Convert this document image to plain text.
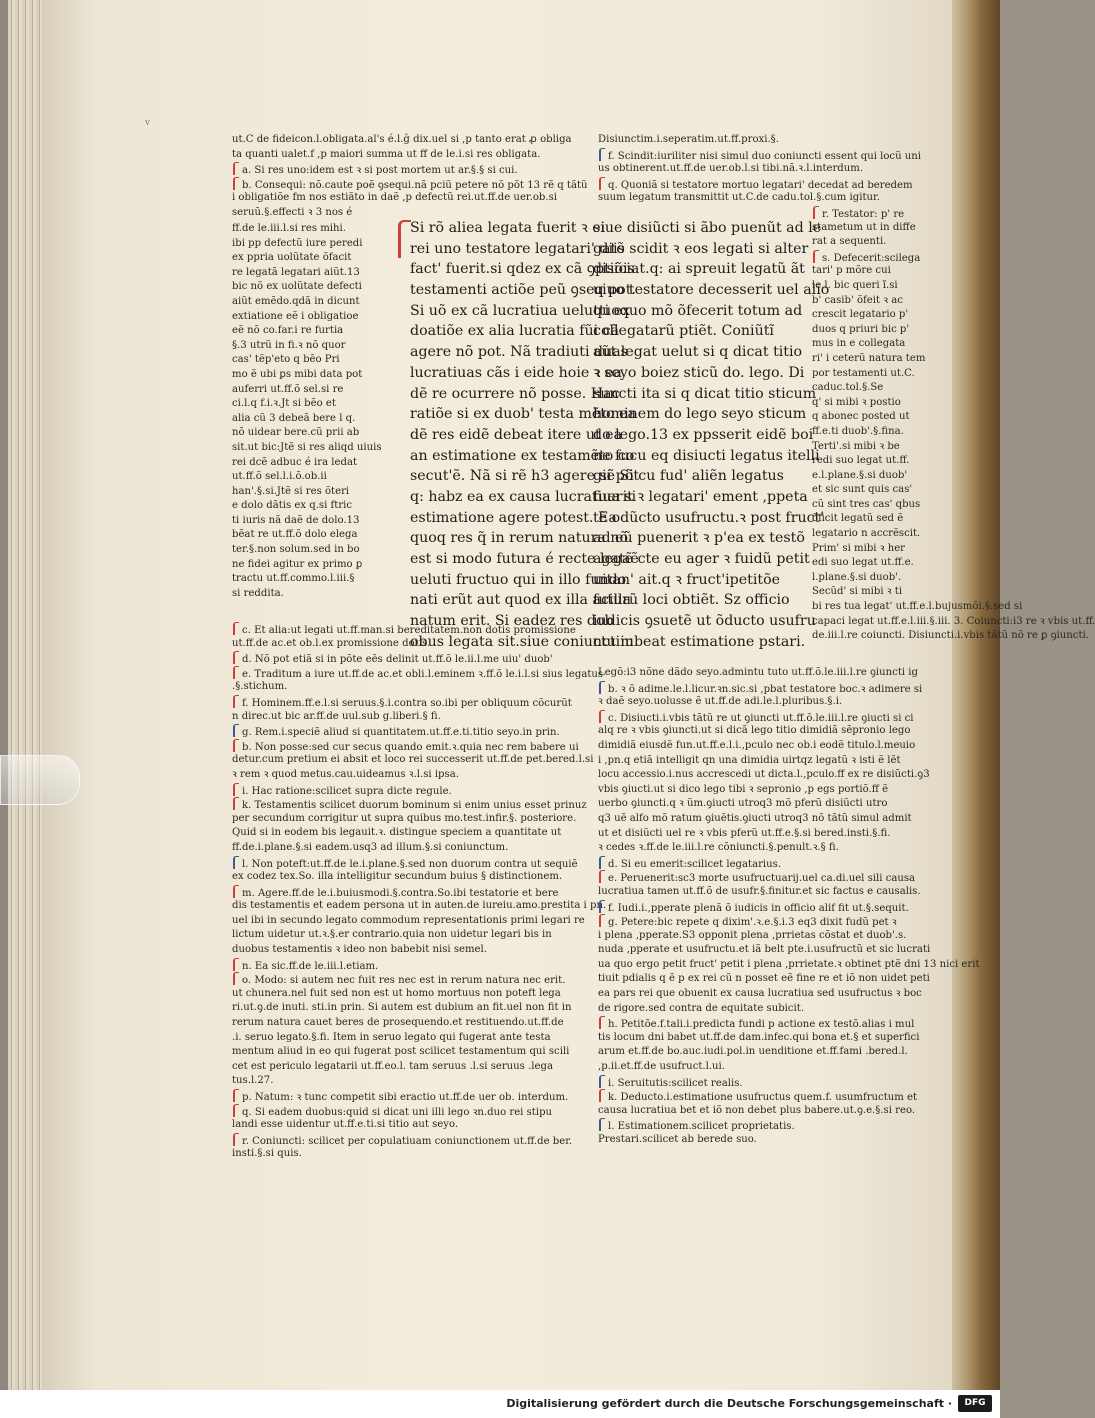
v
ut.C de fideicon.l.obligata.al's é.l.ĝ dix.uel si ,p tanto erat ꝓ obliga
ta quanti ualet.f ,p maiori summa ut ff de le.i.si res obligata.
a. Si res uno:idem est ꝛ si post mortem ut ar.§.§ si cui.
b. Consequi: nõ.caute poẽ ꝯsequi.nã pciũ petere nõ põt 13 rẽ q tãtũ
i obligatiõe fm nos estiãto in daẽ ,p defectũ rei.ut.ff.de uer.ob.si
seruũ.§.effecti ꝛ 3 nos é
ff.de le.iii.l.si res mihi.
ibi pp defectũ iure peredi
ex ppria uolũtate õfacit
re legatã legatari aiũt.13
bic nõ ex uolũtate defecti
aiũt emẽdo.qdã in dicunt
extiatione eẽ i obligatioe
eẽ nõ co.far.i re furtia
§.3 utrũ in fi.ꝛ nõ quor
cas' tẽp'eto q bẽo Pri
mo ẽ ubi ꝑs mibi data pot
auferri ut.ff.õ sel.si re
ci.l.q f.i.ꝛ.Jt si bẽo et
alia cũ 3 debeã bere l q.
nõ uidear bere.cũ prii ab
sit.ut bic:Jtẽ si res aliqd uiuis
rei dcẽ adbuc é ira ledat
ut.ff.õ sel.l.i.õ.ob.ii
han'.§.si.Jtẽ si res õteri
e dolo dãtis ex q.si ftric
ti iuris nã daẽ de dolo.13
bẽat re ut.ff.õ dolo elega
ter.§.non solum.sed in bo
ne fidei agitur ex primo ꝑ
tractu ut.ff.commo.l.iii.§
si reddita.
Si rõ aliea legata fuerit ꝛ ei
rei uno testatore legatari' diis
fact' fuerit.si qdez ex cã ꝯptiõis
testamenti actiõe peũ ꝯseq pot.
Si uõ ex cã lucratiua uelutti ex
doatiõe ex alia lucratia fũi cã
agere nõ pot. Nã tradiuti duas
lucratiuas cãs i eide hoie ꝛ ea
dẽ re ocurrere nõ posse. Hac
ratiõe si ex duob' testa mẽto ea
dẽ res eidẽ debeat itere ut ea
an estimatione ex testamẽto co
secut'ẽ. Nã si rẽ h3 agere si põt
q: habz ea ex causa lucratiua si
estimatione agere potest. Ea
quoq res q̃ in rerum natura nõ
est si modo futura é recte legaẽ
ueluti fructuo qui in illo fundo
nati erũt aut quod ex illa acilla
natum erit. Si eadez res dob
obus legata sit.siue coniunctim
siue disiũcti si ãbo puenũt ad le
gatõ scidit ꝛ eos legati si alter
disiciat.q: ai spreuit legatũ ãt
uiuo testatore decesserit uel alio
quoquo mõ õfecerit totum ad
collegatarũ ptiẽt. Coniũtĩ
aũt legat uelut si q dicat titio
ꝛ seyo boiez sticũ do. lego. Di
suncti ita si q dicat titio sticum
hominem do lego seyo sticum
do lego.13 ex ppsserit eidẽ boi
ne fucu eq disiucti legatus itelli
giẽ Si cu fud' aliẽn legatus
fuerit ꝛ legatari' ement ,ppeta
tẽ odũcto usufructu.ꝛ post fruct'
ad eũ puenerit ꝛ p'ea ex testõ
agatẽ cte eu ager ꝛ fuidũ petit
uitan' ait.q ꝛ fruct'ipetitõe
futurũ loci obtiẽt. Sz officio
iudicis ꝯsuetẽ ut õducto usufru
ctu iubeat estimatione pstari.
Disiunctim.i.seperatim.ut.ff.proxi.§.
f. Scindit:iuriliter nisi simul duo coniuncti essent qui locũ uni
us obtinerent.ut.ff.de uer.ob.l.si tibi.nã.ꝛ.l.interdum.
q. Quoniã si testatore mortuo legatari' decedat ad beredem
suum legatum transmittit ut.C.de cadu.tol.§.cum igitur.
r. Testator: p' re
stametum ut in diffe
rat a sequenti.
s. Defecerit:scilega
tari' p mõre cui
le.l. bic queri ĩ.si
b' casib' õfeit ꝛ ac
crescit legatario p'
duos q priuri bic p'
mus in e collegata
ri' i ceterũ natura tem
por testamenti ut.C.
caduc.tol.§.Se
q' si mibi ꝛ postio
q abonec posted ut
ff.e.ti duob'.§.fina.
Terti'.si mibi ꝛ be
redi suo legat ut.ff.
e.l.plane.§.si duob'
et sic sunt quis cas'
cũ sint tres cas' qbus
õficit legatũ sed ẽ
legatario n accrẽscit.
Prim' si mibi ꝛ her
edi suo legat ut.ff.e.
l.plane.§.si duob'.
Secũd' si mibi ꝛ ti
bi res tua legat' ut.ff.e.l.bujusmõi.§.sed si
capaci legat ut.ff.e.l.iii.§.iii. 3. Coiuncti:i3 re ꝛ vbis ut.ff.
de.iii.l.re coiuncti. Disiuncti.i.vbis tãtũ nõ re ꝑ ꝯiuncti.
c. Et alia:ut legati ut.ff.man.si bereditatem.non dotis promissione
ut.ff.de ac.et ob.l.ex promissione dotis.
d. Nõ pot etiã si in põte eẽs delinit ut.ff.õ le.ii.l.me uiu' duob'
e. Traditum a iure ut.ff.de ac.et obli.l.eminem ꝛ.ff.õ le.i.l.si sius legatus
.§.stichum.
f. Hominem.ff.e.l.si seruus.§.i.contra so.ibi per obliquum cõcurũt
n direc.ut bic ar.ff.de uul.sub g.liberi.§ fi.
g. Rem.i.speciẽ aliud si quantitatem.ut.ff.e.ti.titio seyo.in prin.
b. Non posse:sed cur secus quando emit.ꝛ.quia nec rem babere ui
detur.cum pretium ei absit et loco rei successerit ut.ff.de pet.bered.l.si
ꝛ rem ꝛ quod metus.cau.uideamus ꝛ.l.si ipsa.
i. Hac ratione:scilicet supra dicte regule.
k. Testamentis scilicet duorum bominum si enim unius esset prinuz
per secundum corrigitur ut supra quibus mo.test.infir.§. posteriore.
Quid si in eodem bis legauit.ꝛ. distingue speciem a quantitate ut
ff.de.i.plane.§.si eadem.usq3 ad illum.§.si coniunctum.
l. Non poteft:ut.ff.de le.i.plane.§.sed non duorum contra ut sequiẽ
ex codez tex.So. illa intelligitur secundum buius § distinctionem.
m. Agere.ff.de le.i.buiusmodi.§.contra.So.ibi testatorie et bere
dis testamentis et eadem persona ut in auten.de iureiu.amo.prestita i pn.
uel ibi in secundo legato commodum representationis primi legari re
lictum uidetur ut.ꝛ.§.er contrario.quia non uidetur legari bis in
duobus testamentis ꝛ ideo non babebit nisi semel.
n. Ea sic.ff.de le.iii.l.etiam.
o. Modo: si autem nec fuit res nec est in rerum natura nec erit.
ut chunera.nel fuit sed non est ut homo mortuus non poteft lega
ri.ut.ꝯ.de inuti. sti.in prin. Si autem est dubium an fit.uel non fit in
rerum natura cauet beres de prosequendo.et restituendo.ut.ff.de
.i. seruo legato.§.fi. Item in seruo legato qui fugerat ante testa
mentum aliud in eo qui fugerat post scilicet testamentum qui scili
cet est periculo legatarii ut.ff.eo.l. tam seruus .l.si seruus .lega
tus.l.27.
p. Natum: ꝛ tunc competit sibi eractio ut.ff.de uer ob. interdum.
q. Si eadem duobus:quid si dicat uni illi lego ꝛn.duo rei stipu
landi esse uidentur ut.ff.e.ti.si titio aut seyo.
r. Coniuncti: scilicet per copulatiuam coniunctionem ut.ff.de ber.
insti.§.si quis.
Legõ:i3 nõne dãdo seyo.admintu tuto ut.ff.õ.le.iii.l.re ꝯiuncti ig
b. ꝛ õ adime.le.l.licur.ꝛn.sic.si ,pbat testatore boc.ꝛ adimere si
ꝛ daẽ seyo.uolusse ẽ ut.ff.de adi.le.l.pluribus.§.i.
c. Disiucti.i.vbis tãtũ re ut ꝯiuncti ut.ff.õ.le.iii.l.re ꝯiucti si ci
alq re ꝛ vbis ꝯiuncti.ut si dicã lego titio dimidiã sẽpronio lego
dimidiã eiusdẽ fun.ut.ff.e.l.i.,pculo nec ob.i eodẽ titulo.l.meuio
i ,pn.q etiã intelligit qn una dimidia uirtqz legatũ ꝛ isti ẽ lẽt
locu accessio.i.nus accrescedi ut dicta.l.,pculo.ff ex re disiũcti.ꝯ3
vbis ꝯiucti.ut si dico lego tibi ꝛ sepronio ,p egs portiõ.ff ẽ
uerbo ꝯiuncti.q ꝛ ũm.ꝯiucti utroq3 mõ pferũ disiũcti utro
q3 uẽ alfo mõ ratum ꝯiuẽtis.ꝯiucti utroq3 nõ tãtũ simul admit
ut et disiũcti uel re ꝛ vbis pferũ ut.ff.e.§.si bered.insti.§.fi.
ꝛ cedes ꝛ.ff.de le.iii.l.re cõniuncti.§.penult.ꝛ.§ fi.
d. Si eu emerit:scilicet legatarius.
e. Peruenerit:sc3 morte usufructuarij.uel ca.di.uel sili causa
lucratiua tamen ut.ff.õ de usufr.§.finitur.et sic factus e causalis.
f. Iudi.i.,pperate plenã õ iudicis in officio alif fit ut.§.sequit.
g. Petere:bic repete q dixim'.ꝛ.e.§.i.3 eq3 dixit fudũ pet ꝛ
i plena ,pperate.S3 opponit plena ,prrietas cõstat et duob'.s.
nuda ,pperate et usufructu.et iã belt pte.i.usufructũ et sic lucrati
ua quo ergo petit fruct' petit i plena ,prrietate.ꝛ obtinet ptẽ dni 13 nici erit
tiuit pdialis q ẽ p ex rei cũ n posset eẽ fine re et iõ non uidet peti
ea pars rei que obuenit ex causa lucratiua sed usufructus ꝛ boc
de rigore.sed contra de equitate subicit.
h. Petitõe.f.tali.i.predicta fundi p actione ex testõ.alias i mul
tis locum dni babet ut.ff.de dam.infec.qui bona et.§ et superfici
arum et.ff.de bo.auc.iudi.pol.in uenditione et.ff.fami .bered.l.
,p.ii.et.ff.de usufruct.l.ui.
i. Seruitutis:scilicet realis.
k. Deducto.i.estimatione usufructus quem.f. usumfructum et
causa lucratiua bet et iõ non debet plus babere.ut.ꝯ.e.§.si reo.
l. Estimationem.scilicet proprietatis.
Prestari.scilicet ab berede suo.
Digitalisierung gefördert durch die Deutsche Forschungsgemeinschaft ·	DFG
